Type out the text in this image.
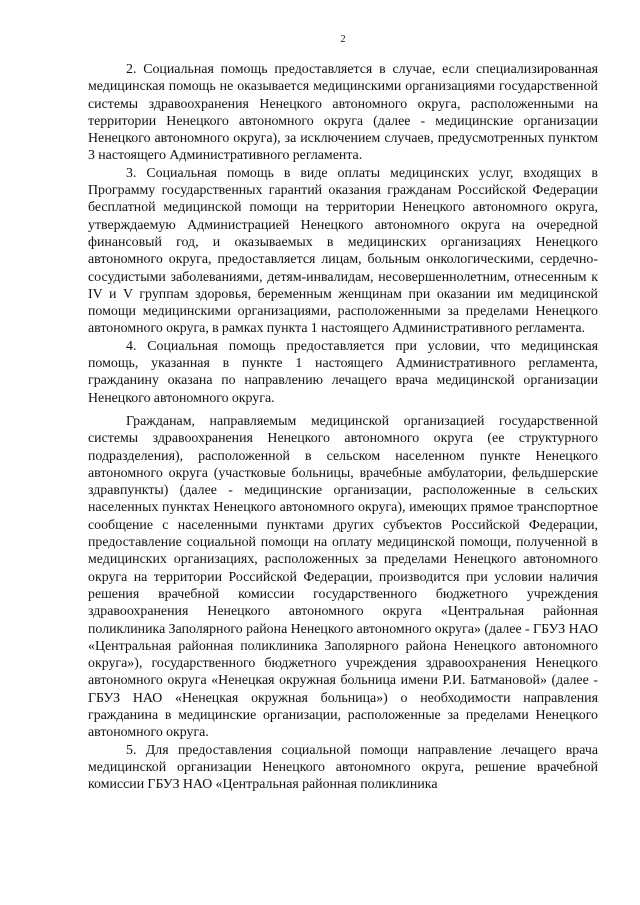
2

2. Социальная помощь предоставляется в случае, если специализированная медицинская помощь не оказывается медицинскими организациями государственной системы здравоохранения Ненецкого автономного округа, расположенными на территории Ненецкого автономного округа (далее - медицинские организации Ненецкого автономного округа), за исключением случаев, предусмотренных пунктом 3 настоящего Административного регламента.

3. Социальная помощь в виде оплаты медицинских услуг, входящих в Программу государственных гарантий оказания гражданам Российской Федерации бесплатной медицинской помощи на территории Ненецкого автономного округа, утверждаемую Администрацией Ненецкого автономного округа на очередной финансовый год, и оказываемых в медицинских организациях Ненецкого автономного округа, предоставляется лицам, больным онкологическими, сердечно-сосудистыми заболеваниями, детям-инвалидам, несовершеннолетним, отнесенным к IV и V группам здоровья, беременным женщинам при оказании им медицинской помощи медицинскими организациями, расположенными за пределами Ненецкого автономного округа, в рамках пункта 1 настоящего Административного регламента.

4. Социальная помощь предоставляется при условии, что медицинская помощь, указанная в пункте 1 настоящего Административного регламента, гражданину оказана по направлению лечащего врача медицинской организации Ненецкого автономного округа.

Гражданам, направляемым медицинской организацией государственной системы здравоохранения Ненецкого автономного округа (ее структурного подразделения), расположенной в сельском населенном пункте Ненецкого автономного округа (участковые больницы, врачебные амбулатории, фельдшерские здравпункты) (далее - медицинские организации, расположенные в сельских населенных пунктах Ненецкого автономного округа), имеющих прямое транспортное сообщение с населенными пунктами других субъектов Российской Федерации, предоставление социальной помощи на оплату медицинской помощи, полученной в медицинских организациях, расположенных за пределами Ненецкого автономного округа на территории Российской Федерации, производится при условии наличия решения врачебной комиссии государственного бюджетного учреждения здравоохранения Ненецкого автономного округа «Центральная районная поликлиника Заполярного района Ненецкого автономного округа» (далее - ГБУЗ НАО «Центральная районная поликлиника Заполярного района Ненецкого автономного округа»), государственного бюджетного учреждения здравоохранения Ненецкого автономного округа «Ненецкая окружная больница имени Р.И. Батмановой» (далее - ГБУЗ НАО «Ненецкая окружная больница») о необходимости направления гражданина в медицинские организации, расположенные за пределами Ненецкого автономного округа.

5. Для предоставления социальной помощи направление лечащего врача медицинской организации Ненецкого автономного округа, решение врачебной комиссии ГБУЗ НАО «Центральная районная поликлиника
